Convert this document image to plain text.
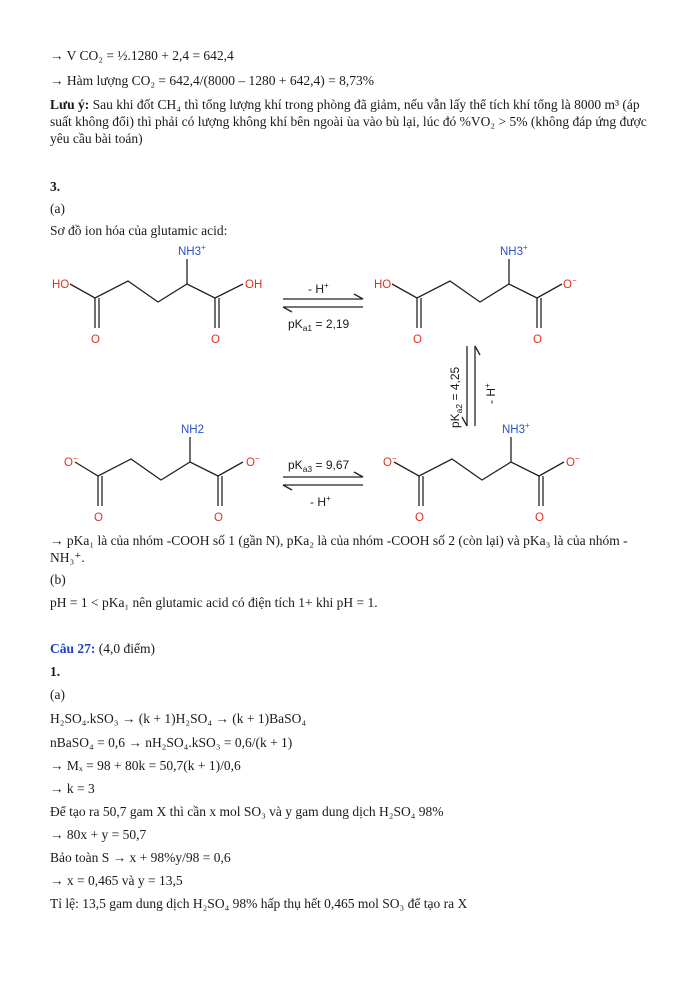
→ V CO₂ = ½.1280 + 2,4 = 642,4
→ Hàm lượng CO₂ = 642,4/(8000 – 1280 + 642,4) = 8,73%
Lưu ý: Sau khi đốt CH₄ thì tổng lượng khí trong phòng đã giảm, nếu vẫn lấy thể tích khí tổng là 8000 m³ (áp suất không đổi) thì phải có lượng không khí bên ngoài ùa vào bù lại, lúc đó %VO₂ > 5% (không đáp ứng được yêu cầu bài toán)
3.
(a)
Sơ đồ ion hóa của glutamic acid:
HO	OH
O	O
NH3+
HO	O−
O	O
NH3+
O−	O−
O	O
NH3+
O−	O−
O	O
NH2
- H+
$pK_{a1} = 2,19$
$pK_{a3} = 9,67$
- H+
$pK_{a2} = 4,25 - H^+$
→ pKa₁ là của nhóm -COOH số 1 (gần N), pKa₂ là của nhóm -COOH số 2 (còn lại) và pKa₃ là của nhóm -NH₃⁺.
(b)
pH = 1 < pKa₁ nên glutamic acid có điện tích 1+ khi pH = 1.
Câu 27: (4,0 điểm)
1.
(a)
H₂SO₄.kSO₃ → (k + 1)H₂SO₄ → (k + 1)BaSO₄
nBaSO₄ = 0,6 → nH₂SO₄.kSO₃ = 0,6/(k + 1)
→ Mₓ = 98 + 80k = 50,7(k + 1)/0,6
→ k = 3
Để tạo ra 50,7 gam X thì cần x mol SO₃ và y gam dung dịch H₂SO₄ 98%
→ 80x + y = 50,7
Bảo toàn S → x + 98%y/98 = 0,6
→ x = 0,465 và y = 13,5
Tỉ lệ: 13,5 gam dung dịch H₂SO₄ 98% hấp thụ hết 0,465 mol SO₃ để tạo ra X
